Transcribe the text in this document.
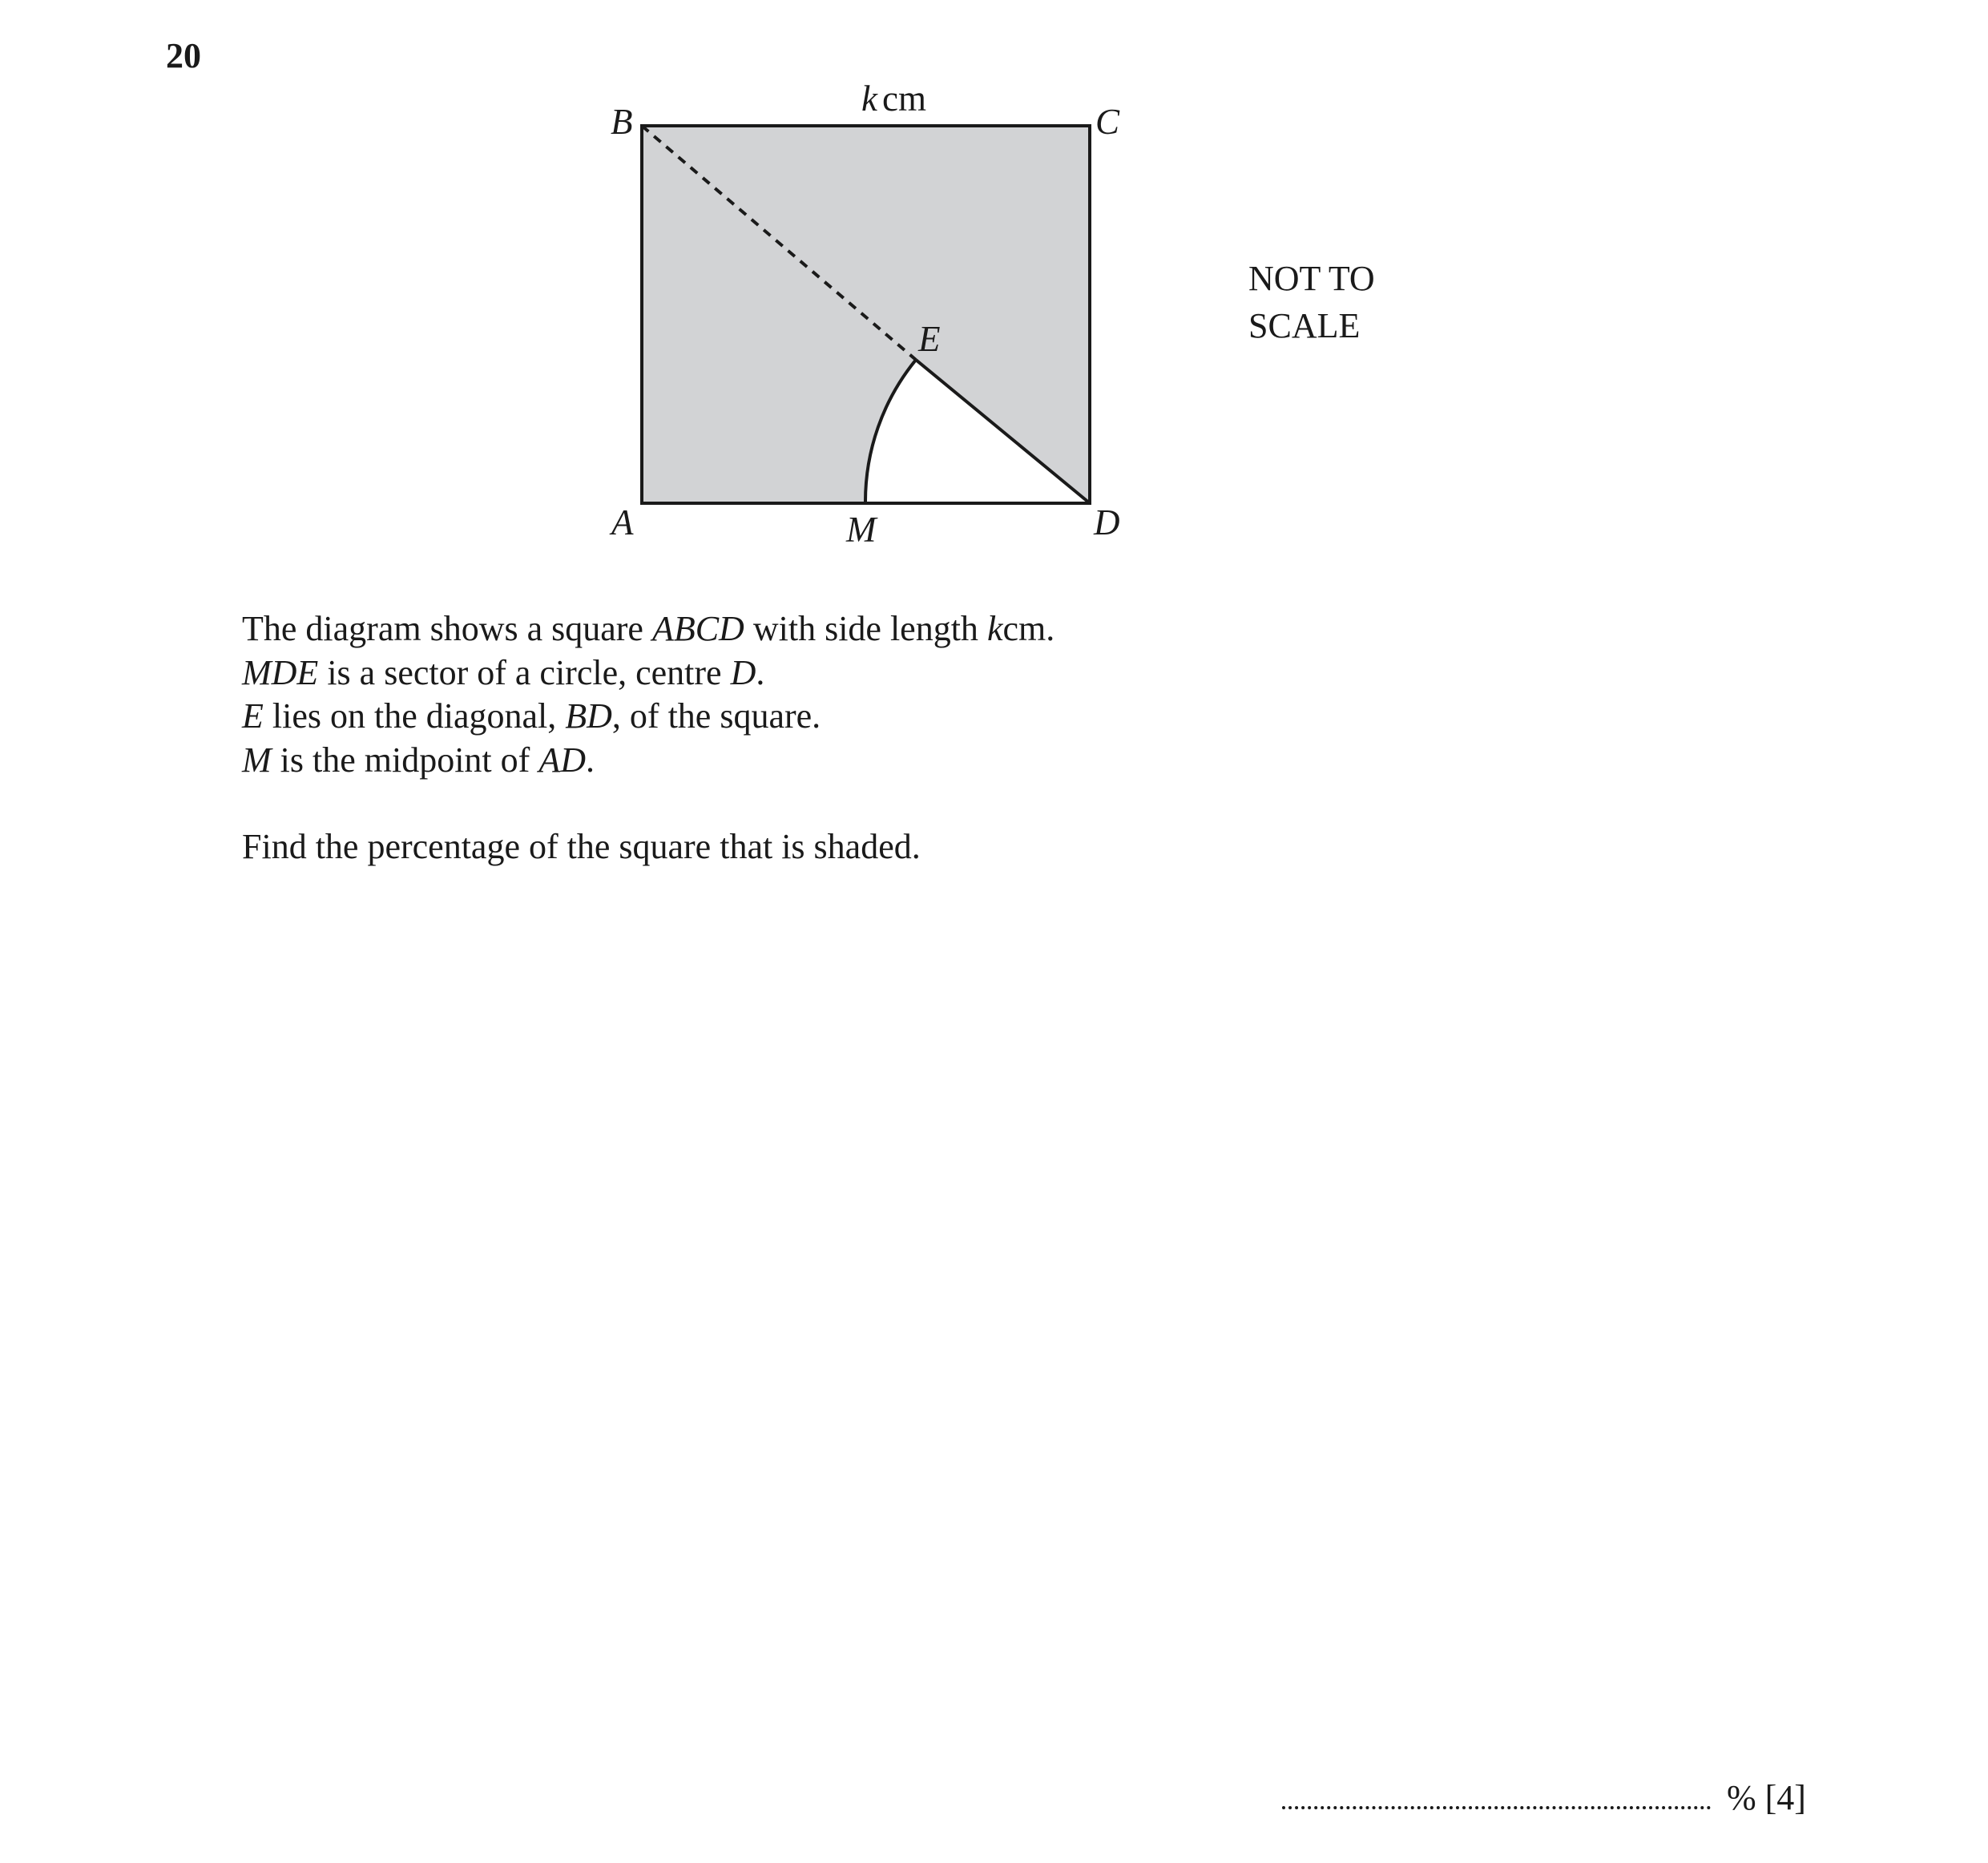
20
k cm
B	C
E
A	M	D
NOT TO
SCALE

The diagram shows a square ABCD with side length kcm.

MDE is a sector of a circle, centre D.

E lies on the diagonal, BD, of the square.

M is the midpoint of AD.

Find the percentage of the square that is shaded.

% [4]
